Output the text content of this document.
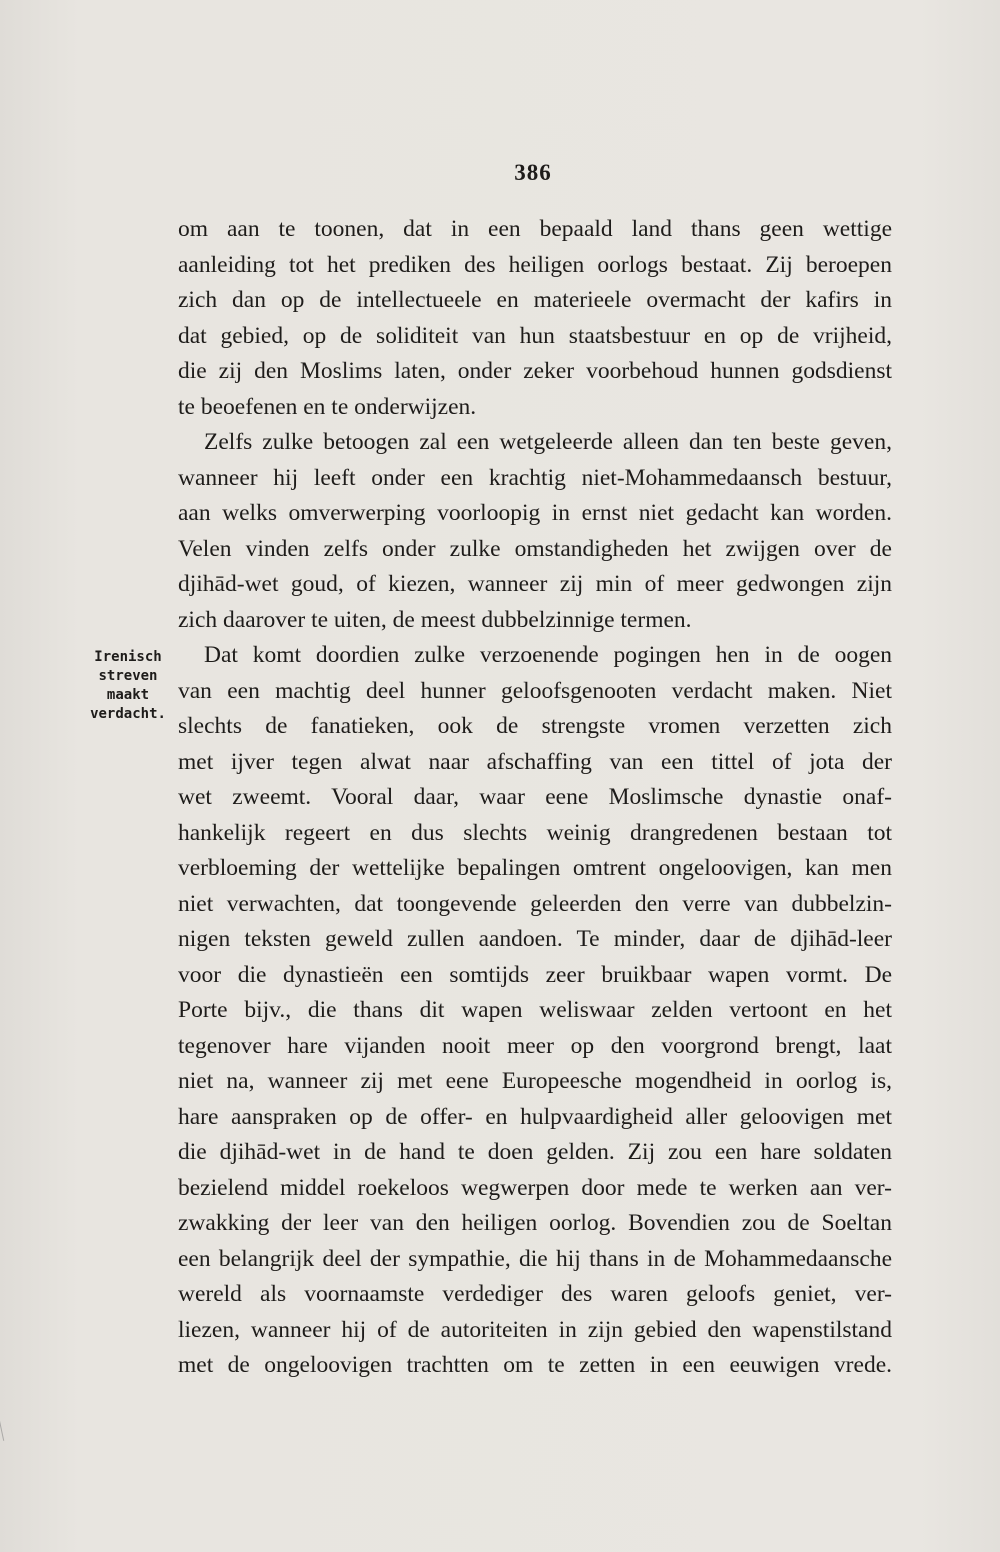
386
Irenisch
streven
maakt
verdacht.
om aan te toonen, dat in een bepaald land thans geen wettige
aanleiding tot het prediken des heiligen oorlogs bestaat. Zij beroepen
zich dan op de intellectueele en materieele overmacht der kafirs in
dat gebied, op de soliditeit van hun staatsbestuur en op de vrijheid,
die zij den Moslims laten, onder zeker voorbehoud hunnen godsdienst
te beoefenen en te onderwijzen.
Zelfs zulke betoogen zal een wetgeleerde alleen dan ten beste geven,
wanneer hij leeft onder een krachtig niet-Mohammedaansch bestuur,
aan welks omverwerping voorloopig in ernst niet gedacht kan worden.
Velen vinden zelfs onder zulke omstandigheden het zwijgen over de
djihād-wet goud, of kiezen, wanneer zij min of meer gedwongen zijn
zich daarover te uiten, de meest dubbelzinnige termen.
Dat komt doordien zulke verzoenende pogingen hen in de oogen
van een machtig deel hunner geloofsgenooten verdacht maken. Niet
slechts de fanatieken, ook de strengste vromen verzetten zich
met ijver tegen alwat naar afschaffing van een tittel of jota der
wet zweemt. Vooral daar, waar eene Moslimsche dynastie onaf-
hankelijk regeert en dus slechts weinig drangredenen bestaan tot
verbloeming der wettelijke bepalingen omtrent ongeloovigen, kan men
niet verwachten, dat toongevende geleerden den verre van dubbelzin-
nigen teksten geweld zullen aandoen. Te minder, daar de djihād-leer
voor die dynastieën een somtijds zeer bruikbaar wapen vormt. De
Porte bijv., die thans dit wapen weliswaar zelden vertoont en het
tegenover hare vijanden nooit meer op den voorgrond brengt, laat
niet na, wanneer zij met eene Europeesche mogendheid in oorlog is,
hare aanspraken op de offer- en hulpvaardigheid aller geloovigen met
die djihād-wet in de hand te doen gelden. Zij zou een hare soldaten
bezielend middel roekeloos wegwerpen door mede te werken aan ver-
zwakking der leer van den heiligen oorlog. Bovendien zou de Soeltan
een belangrijk deel der sympathie, die hij thans in de Mohammedaansche
wereld als voornaamste verdediger des waren geloofs geniet, ver-
liezen, wanneer hij of de autoriteiten in zijn gebied den wapenstilstand
met de ongeloovigen trachtten om te zetten in een eeuwigen vrede.
